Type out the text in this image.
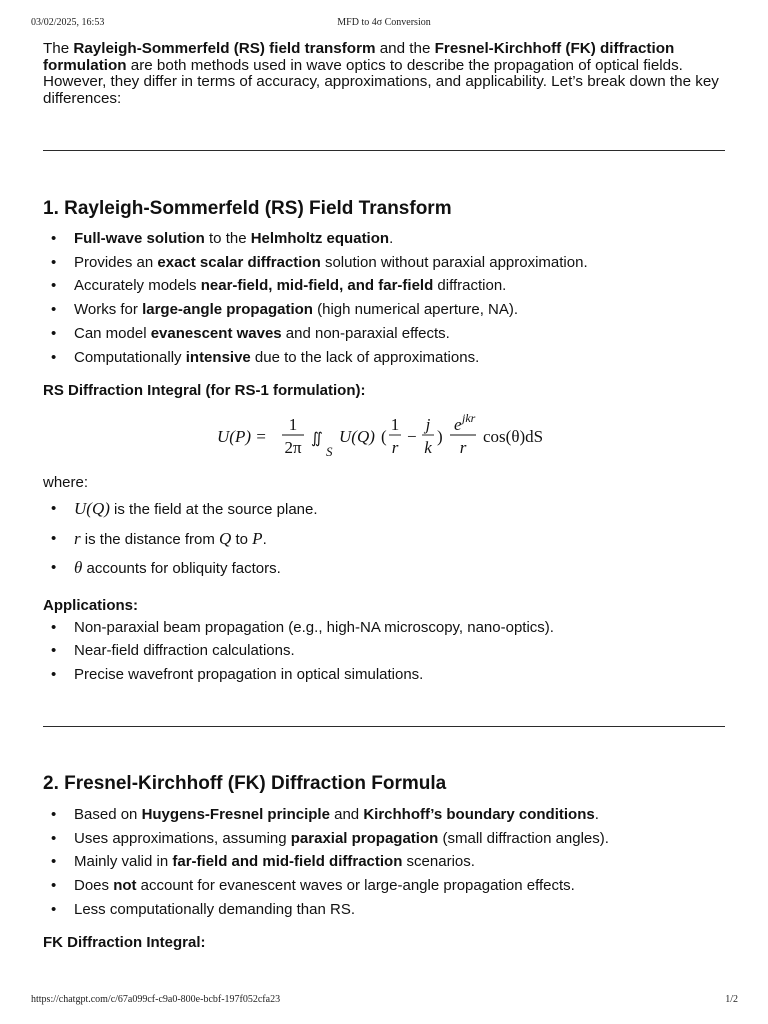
03/02/2025, 16:53	MFD to 4σ Conversion

The Rayleigh-Sommerfeld (RS) field transform and the Fresnel-Kirchhoff (FK) diffraction formulation are both methods used in wave optics to describe the propagation of optical fields. However, they differ in terms of accuracy, approximations, and applicability. Let’s break down the key differences:

1. Rayleigh-Sommerfeld (RS) Field Transform
• Full-wave solution to the Helmholtz equation.
• Provides an exact scalar diffraction solution without paraxial approximation.
• Accurately models near-field, mid-field, and far-field diffraction.
• Works for large-angle propagation (high numerical aperture, NA).
• Can model evanescent waves and non-paraxial effects.
• Computationally intensive due to the lack of approximations.

RS Diffraction Integral (for RS-1 formulation):

U(P) =
1
2π ∬
S
U(Q) (
1
r
−
j
k
)
e jkr
r
cos(θ)dS

where:

• U(Q) is the field at the source plane.
• r is the distance from Q to P.
• θ accounts for obliquity factors.

Applications:

• Non-paraxial beam propagation (e.g., high-NA microscopy, nano-optics).
• Near-field diffraction calculations.
• Precise wavefront propagation in optical simulations.
2. Fresnel-Kirchhoff (FK) Diffraction Formula
• Based on Huygens-Fresnel principle and Kirchhoff’s boundary conditions.
• Uses approximations, assuming paraxial propagation (small diffraction angles).
• Mainly valid in far-field and mid-field diffraction scenarios.
• Does not account for evanescent waves or large-angle propagation effects.
• Less computationally demanding than RS.

FK Diffraction Integral:

https://chatgpt.com/c/67a099cf-c9a0-800e-bcbf-197f052cfa23	1/2
